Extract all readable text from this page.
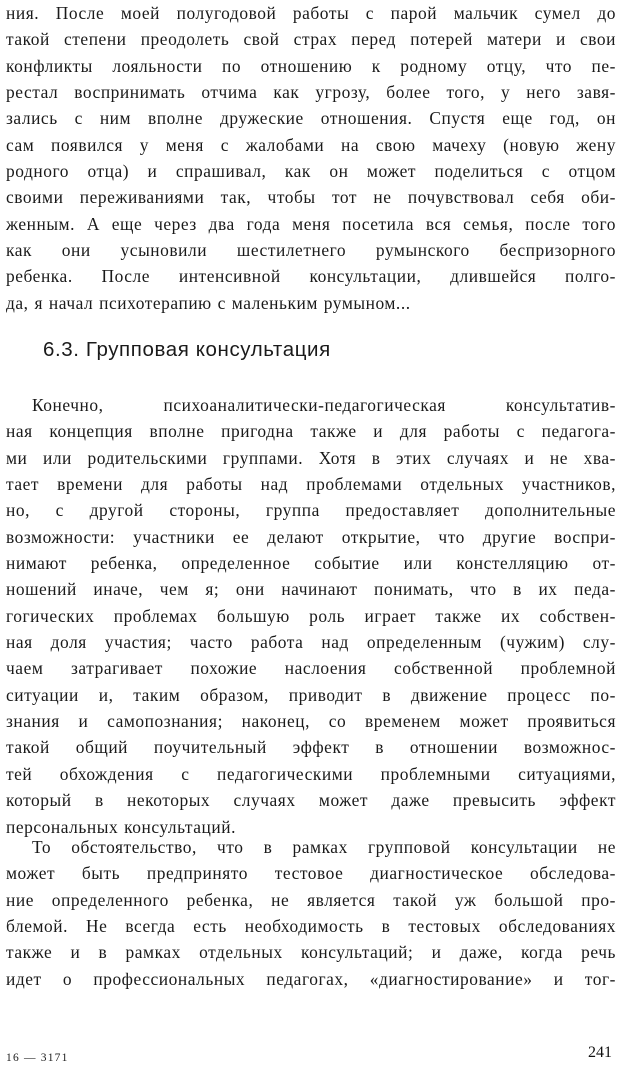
ния. После моей полугодовой работы с парой мальчик сумел до
такой степени преодолеть свой страх перед потерей матери и свои
конфликты лояльности по отношению к родному отцу, что пе-
рестал воспринимать отчима как угрозу, более того, у него завя-
зались с ним вполне дружеские отношения. Спустя еще год, он
сам появился у меня с жалобами на свою мачеху (новую жену
родного отца) и спрашивал, как он может поделиться с отцом
своими переживаниями так, чтобы тот не почувствовал себя оби-
женным. А еще через два года меня посетила вся семья, после того
как они усыновили шестилетнего румынского беспризорного
ребенка. После интенсивной консультации, длившейся полго-
да, я начал психотерапию с маленьким румыном...
6.3. Групповая консультация
Конечно, психоаналитически-педагогическая консультатив-
ная концепция вполне пригодна также и для работы с педагога-
ми или родительскими группами. Хотя в этих случаях и не хва-
тает времени для работы над проблемами отдельных участников,
но, с другой стороны, группа предоставляет дополнительные
возможности: участники ее делают открытие, что другие воспри-
нимают ребенка, определенное событие или констелляцию от-
ношений иначе, чем я; они начинают понимать, что в их педа-
гогических проблемах большую роль играет также их собствен-
ная доля участия; часто работа над определенным (чужим) слу-
чаем затрагивает похожие наслоения собственной проблемной
ситуации и, таким образом, приводит в движение процесс по-
знания и самопознания; наконец, со временем может проявиться
такой общий поучительный эффект в отношении возможнос-
тей обхождения с педагогическими проблемными ситуациями,
который в некоторых случаях может даже превысить эффект
персональных консультаций.
То обстоятельство, что в рамках групповой консультации не
может быть предпринято тестовое диагностическое обследова-
ние определенного ребенка, не является такой уж большой про-
блемой. Не всегда есть необходимость в тестовых обследованиях
также и в рамках отдельных консультаций; и даже, когда речь
идет о профессиональных педагогах, «диагностирование» и тог-
16 — 3171	241
